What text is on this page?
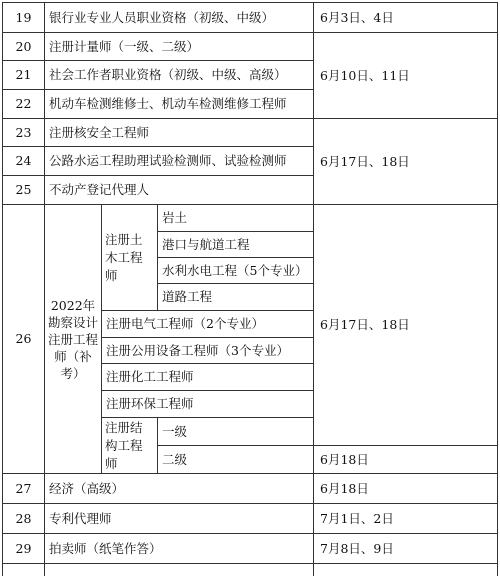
19	银行业专业人员职业资格（初级、中级）			6月3日、4日
20	注册计量师（一级、二级）			6月10日、11日
21	社会工作者职业资格（初级、中级、高级）			
22	机动车检测维修士、机动车检测维修工程师			
23	注册核安全工程师			6月17日、18日
24	公路水运工程助理试验检测师、试验检测师			
25	不动产登记代理人			
26	2022年勘察设计注册工程师（补考）	注册土木工程师	岩土	6月17日、18日
			港口与航道工程	
			水利水电工程（5个专业）	
			道路工程	
		注册电气工程师（2个专业）		
		注册公用设备工程师（3个专业）		
		注册化工工程师		
		注册环保工程师		
		注册结构工程师	一级	
			二级	6月18日
27	经济（高级）			6月18日
28	专利代理师			7月1日、2日
29	拍卖师（纸笔作答）			7月8日、9日
